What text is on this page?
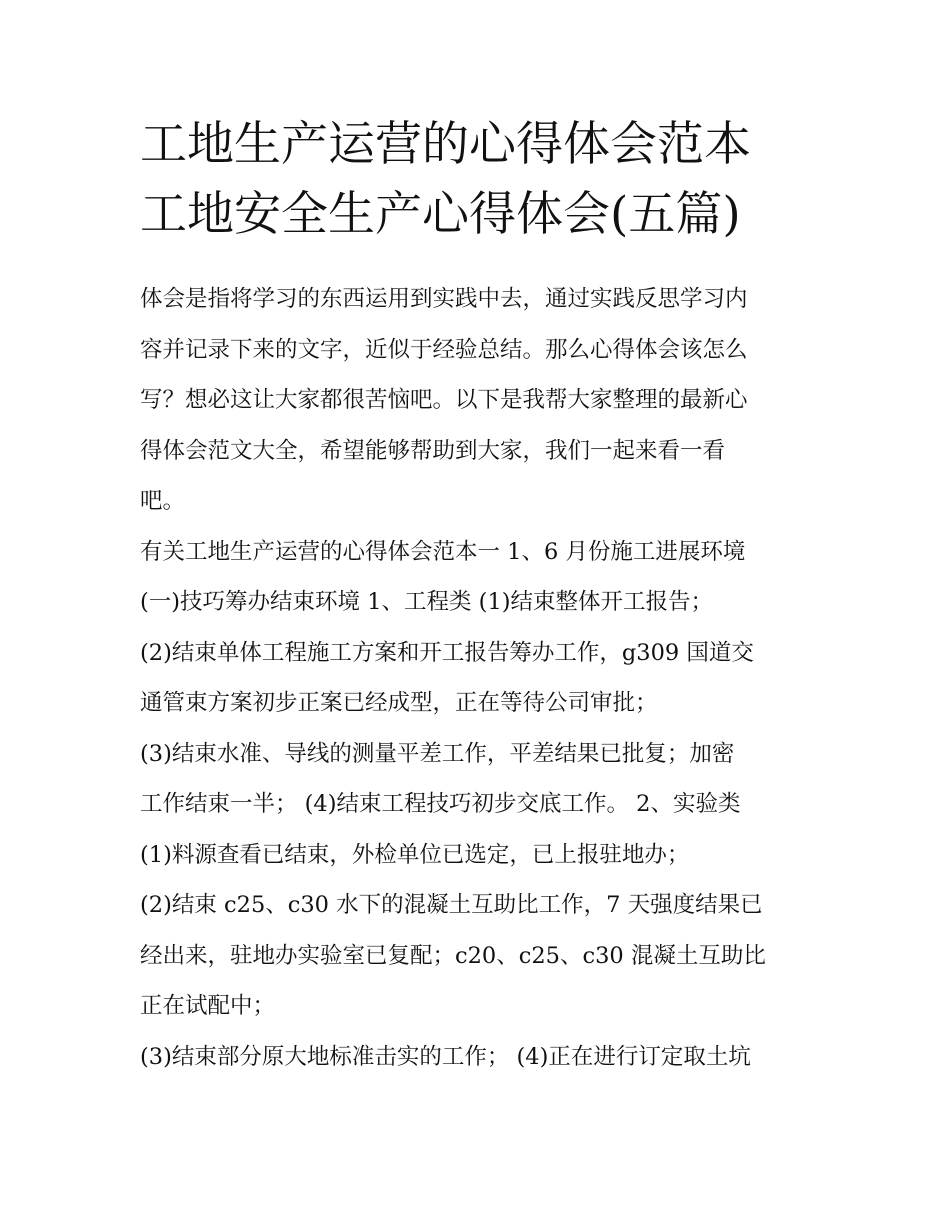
工地生产运营的心得体会范本
工地安全生产心得体会(五篇)
体会是指将学习的东西运用到实践中去，通过实践反思学习内
容并记录下来的文字，近似于经验总结。那么心得体会该怎么
写？想必这让大家都很苦恼吧。以下是我帮大家整理的最新心
得体会范文大全，希望能够帮助到大家，我们一起来看一看
吧。
有关工地生产运营的心得体会范本一 1、6 月份施工进展环境
(一)技巧筹办结束环境 1、工程类 (1)结束整体开工报告；
(2)结束单体工程施工方案和开工报告筹办工作，g309 国道交
通管束方案初步正案已经成型，正在等待公司审批；
(3)结束水准、导线的测量平差工作，平差结果已批复；加密
工作结束一半； (4)结束工程技巧初步交底工作。 2、实验类
(1)料源查看已结束，外检单位已选定，已上报驻地办；
(2)结束 c25、c30 水下的混凝土互助比工作，7 天强度结果已
经出来，驻地办实验室已复配；c20、c25、c30 混凝土互助比
正在试配中；
(3)结束部分原大地标准击实的工作； (4)正在进行订定取土坑
